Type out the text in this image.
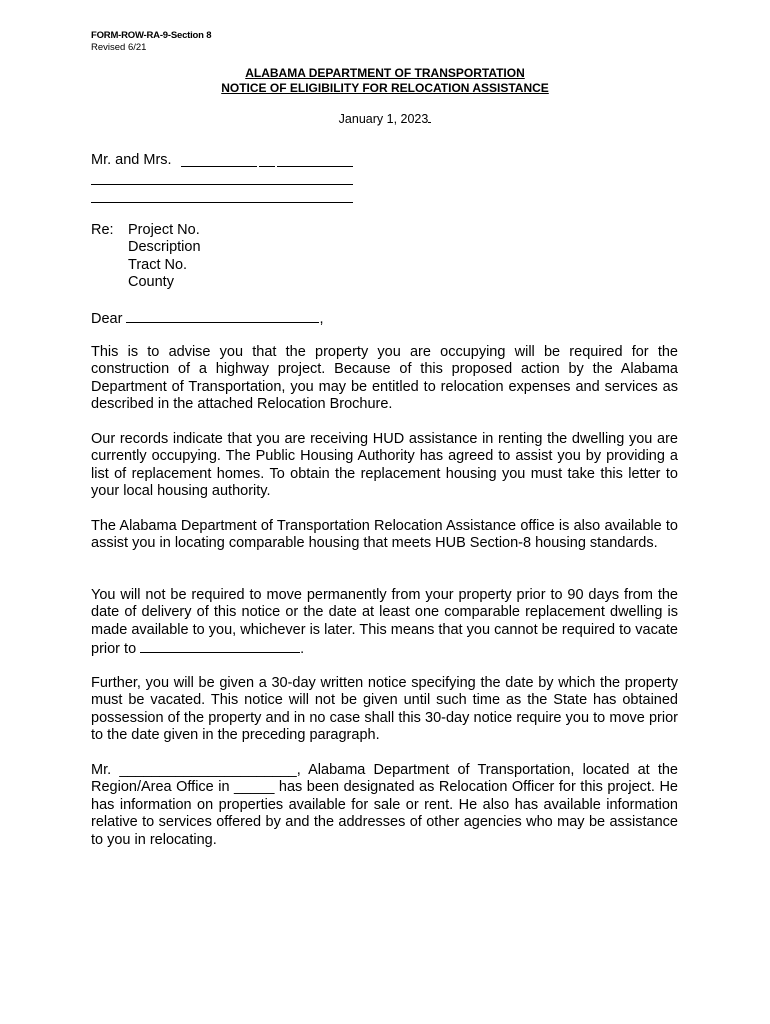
FORM-ROW-RA-9-Section 8
Revised 6/21
ALABAMA DEPARTMENT OF TRANSPORTATION
NOTICE OF ELIGIBILITY FOR RELOCATION ASSISTANCE
January 1, 2023
Mr. and Mrs.
Re: Project No.
Description
Tract No.
County
Dear	,

This is to advise you that the property you are occupying will be required for the construction of a highway project. Because of this proposed action by the Alabama Department of Transportation, you may be entitled to relocation expenses and services as described in the attached Relocation Brochure.

Our records indicate that you are receiving HUD assistance in renting the dwelling you are currently occupying. The Public Housing Authority has agreed to assist you by providing a list of replacement homes. To obtain the replacement housing you must take this letter to your local housing authority.

The Alabama Department of Transportation Relocation Assistance office is also available to assist you in locating comparable housing that meets HUB Section-8 housing standards.

You will not be required to move permanently from your property prior to 90 days from the date of delivery of this notice or the date at least one comparable replacement dwelling is made available to you, whichever is later. This means that you cannot be required to vacate prior to	.

Further, you will be given a 30-day written notice specifying the date by which the property must be vacated. This notice will not be given until such time as the State has obtained possession of the property and in no case shall this 30-day notice require you to move prior to the date given in the preceding paragraph.

Mr. ______________________, Alabama Department of Transportation, located at the Region/Area Office in _____ has been designated as Relocation Officer for this project. He has information on properties available for sale or rent. He also has available information relative to services offered by and the addresses of other agencies who may be assistance to you in relocating.
